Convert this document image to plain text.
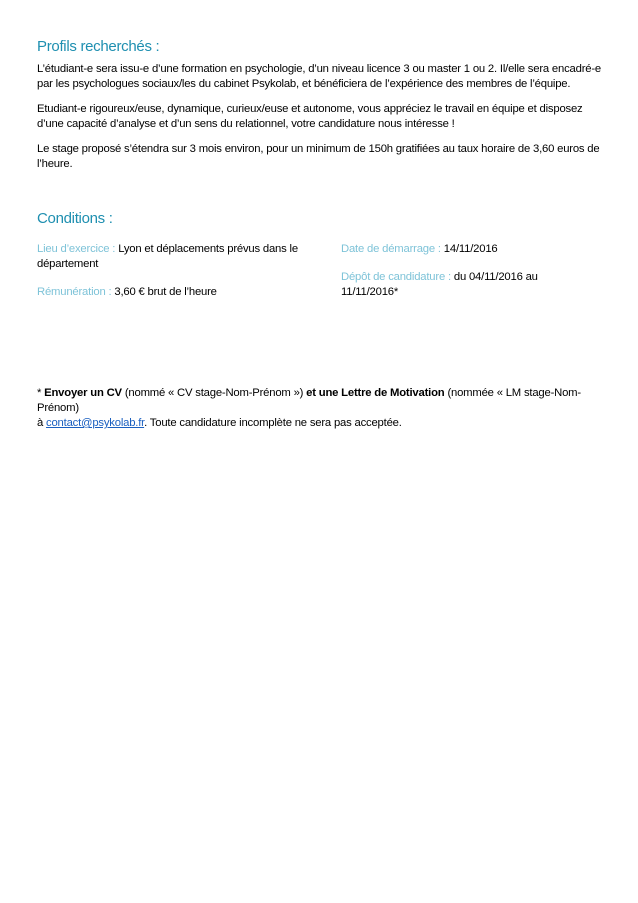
Profils recherchés :
L’étudiant-e sera issu-e d’une formation en psychologie, d’un niveau licence 3 ou master 1 ou 2. Il/elle sera encadré-e par les psychologues sociaux/les du cabinet Psykolab, et bénéficiera de l’expérience des membres de l’équipe.
Etudiant-e rigoureux/euse, dynamique, curieux/euse et autonome, vous appréciez le travail en équipe et disposez d’une capacité d’analyse et d’un sens du relationnel, votre candidature nous intéresse !
Le stage proposé s’étendra sur 3 mois environ, pour un minimum de 150h gratifiées au taux horaire de 3,60 euros de l’heure.
Conditions :
Lieu d’exercice : Lyon et déplacements prévus dans le département
Rémunération : 3,60 € brut de l’heure
Date de démarrage : 14/11/2016
Dépôt de candidature : du 04/11/2016 au 11/11/2016*
* Envoyer un CV (nommé « CV stage-Nom-Prénom ») et une Lettre de Motivation (nommée « LM stage-Nom-Prénom)
à contact@psykolab.fr. Toute candidature incomplète ne sera pas acceptée.
